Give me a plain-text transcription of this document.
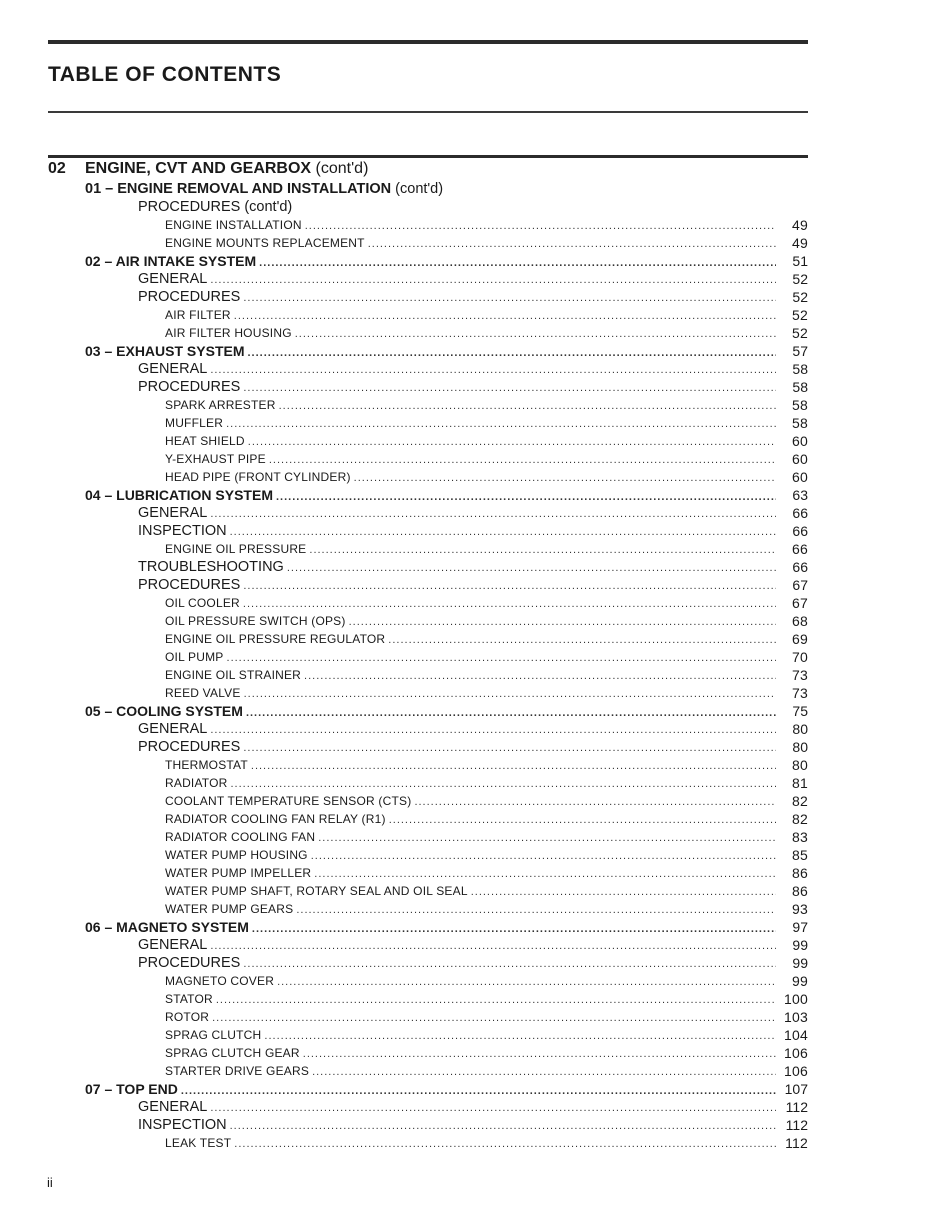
TABLE OF CONTENTS
02 ENGINE, CVT AND GEARBOX (cont'd)
01 – ENGINE REMOVAL AND INSTALLATION
(cont'd)
PROCEDURES (cont'd)
ENGINE INSTALLATION .....	49
ENGINE MOUNTS REPLACEMENT .....	49
02 – AIR INTAKE SYSTEM .....	51
GENERAL .....	52
PROCEDURES .....	52
AIR FILTER .....	52
AIR FILTER HOUSING .....	52
03 – EXHAUST SYSTEM .....	57
GENERAL .....	58
PROCEDURES .....	58
SPARK ARRESTER .....	58
MUFFLER .....	58
HEAT SHIELD .....	60
Y-EXHAUST PIPE .....	60
HEAD PIPE (FRONT CYLINDER) .....	60
04 – LUBRICATION SYSTEM .....	63
GENERAL .....	66
INSPECTION .....	66
ENGINE OIL PRESSURE .....	66
TROUBLESHOOTING .....	66
PROCEDURES .....	67
OIL COOLER .....	67
OIL PRESSURE SWITCH (OPS) .....	68
ENGINE OIL PRESSURE REGULATOR .....	69
OIL PUMP .....	70
ENGINE OIL STRAINER .....	73
REED VALVE .....	73
05 – COOLING SYSTEM .....	75
GENERAL .....	80
PROCEDURES .....	80
THERMOSTAT .....	80
RADIATOR .....	81
COOLANT TEMPERATURE SENSOR (CTS) .....	82
RADIATOR COOLING FAN RELAY (R1) .....	82
RADIATOR COOLING FAN .....	83
WATER PUMP HOUSING .....	85
WATER PUMP IMPELLER .....	86
WATER PUMP SHAFT, ROTARY SEAL AND OIL SEAL .....	86
WATER PUMP GEARS .....	93
06 – MAGNETO SYSTEM .....	97
GENERAL .....	99
PROCEDURES .....	99
MAGNETO COVER .....	99
STATOR .....	100
ROTOR .....	103
SPRAG CLUTCH .....	104
SPRAG CLUTCH GEAR .....	106
STARTER DRIVE GEARS .....	106
07 – TOP END .....	107
GENERAL .....	112
INSPECTION .....	112
LEAK TEST .....	112
ii
